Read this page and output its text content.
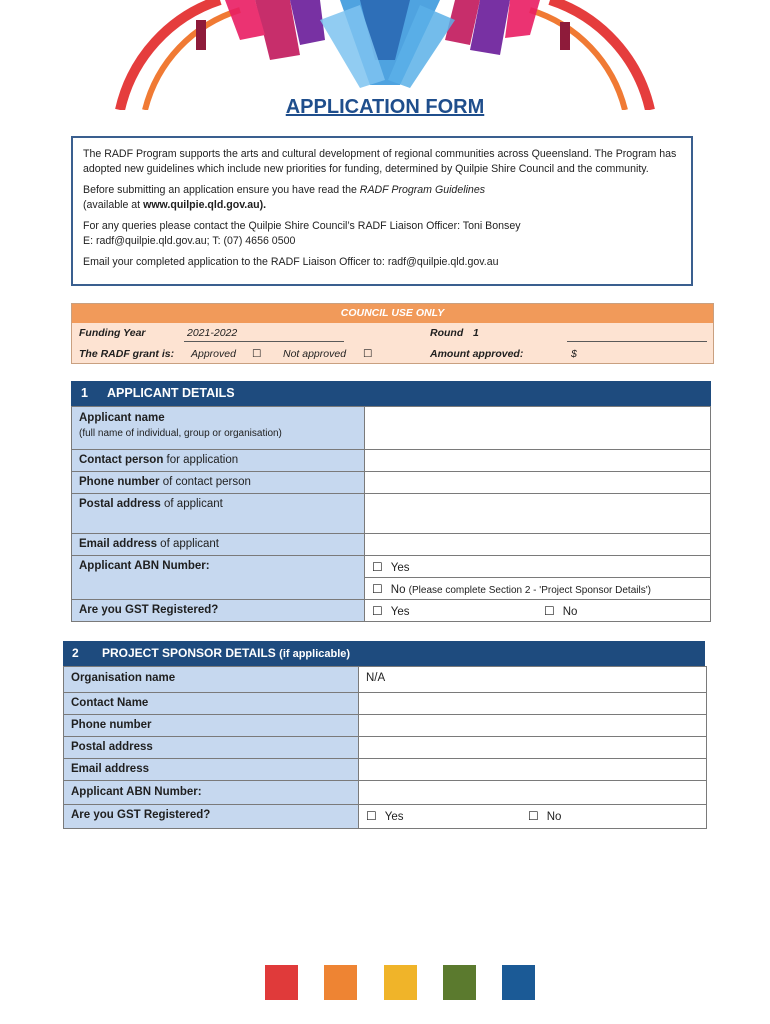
APPLICATION FORM

The RADF Program supports the arts and cultural development of regional communities across Queensland. The Program has adopted new guidelines which include new priorities for funding, determined by Quilpie Shire Council and the community.

Before submitting an application ensure you have read the RADF Program Guidelines
(available at www.quilpie.qld.gov.au).

For any queries please contact the Quilpie Shire Council’s RADF Liaison Officer: Toni Bonsey
E: radf@quilpie.qld.gov.au; T: (07) 4656 0500

Email your completed application to the RADF Liaison Officer to: radf@quilpie.qld.gov.au

COUNCIL USE ONLY
Funding Year	2021-2022	Round 1
The RADF grant is: Approved ☐ Not approved ☐	Amount approved:	$
1 APPLICANT DETAILS
Applicant name
(full name of individual, group or organisation)	

Contact person for application	
Phone number of contact person	
Postal address of applicant	
Email address of applicant	
Applicant ABN Number:	☐ Yes
	☐ No (Please complete Section 2 - 'Project Sponsor Details')
Are you GST Registered?	☐ Yes ☐ No
2 PROJECT SPONSOR DETAILS (if applicable)
Organisation name	N/A
Contact Name	
Phone number	
Postal address	
Email address	
Applicant ABN Number:	
Are you GST Registered?	☐ Yes ☐ No
